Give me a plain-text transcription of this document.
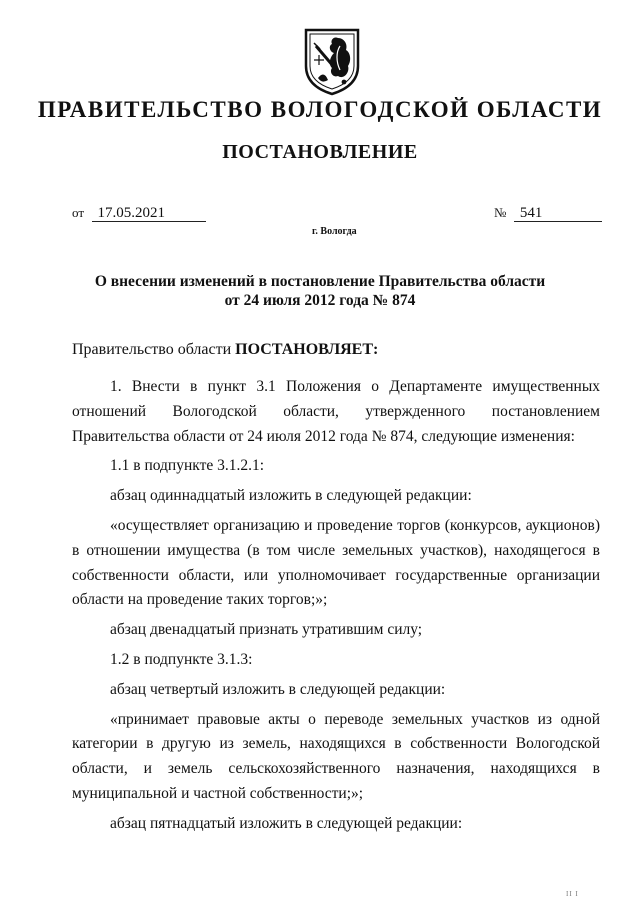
ПРАВИТЕЛЬСТВО ВОЛОГОДСКОЙ ОБЛАСТИ
ПОСТАНОВЛЕНИЕ
от 17.05.2021	№ 541
г. Вологда
О внесении изменений в постановление Правительства области
от 24 июля 2012 года № 874
Правительство области ПОСТАНОВЛЯЕТ:

1. Внести в пункт 3.1 Положения о Департаменте имущественных отношений Вологодской области, утвержденного постановлением Правительства области от 24 июля 2012 года № 874, следующие изменения:

1.1 в подпункте 3.1.2.1:

абзац одиннадцатый изложить в следующей редакции:

«осуществляет организацию и проведение торгов (конкурсов, аукционов) в отношении имущества (в том числе земельных участков), находящегося в собственности области, или уполномочивает государственные организации области на проведение таких торгов;»;

абзац двенадцатый признать утратившим силу;

1.2 в подпункте 3.1.3:

абзац четвертый изложить в следующей редакции:

«принимает правовые акты о переводе земельных участков из одной категории в другую из земель, находящихся в собственности Вологодской области, и земель сельскохозяйственного назначения, находящихся в муниципальной и частной собственности;»;

абзац пятнадцатый изложить в следующей редакции:

II I
